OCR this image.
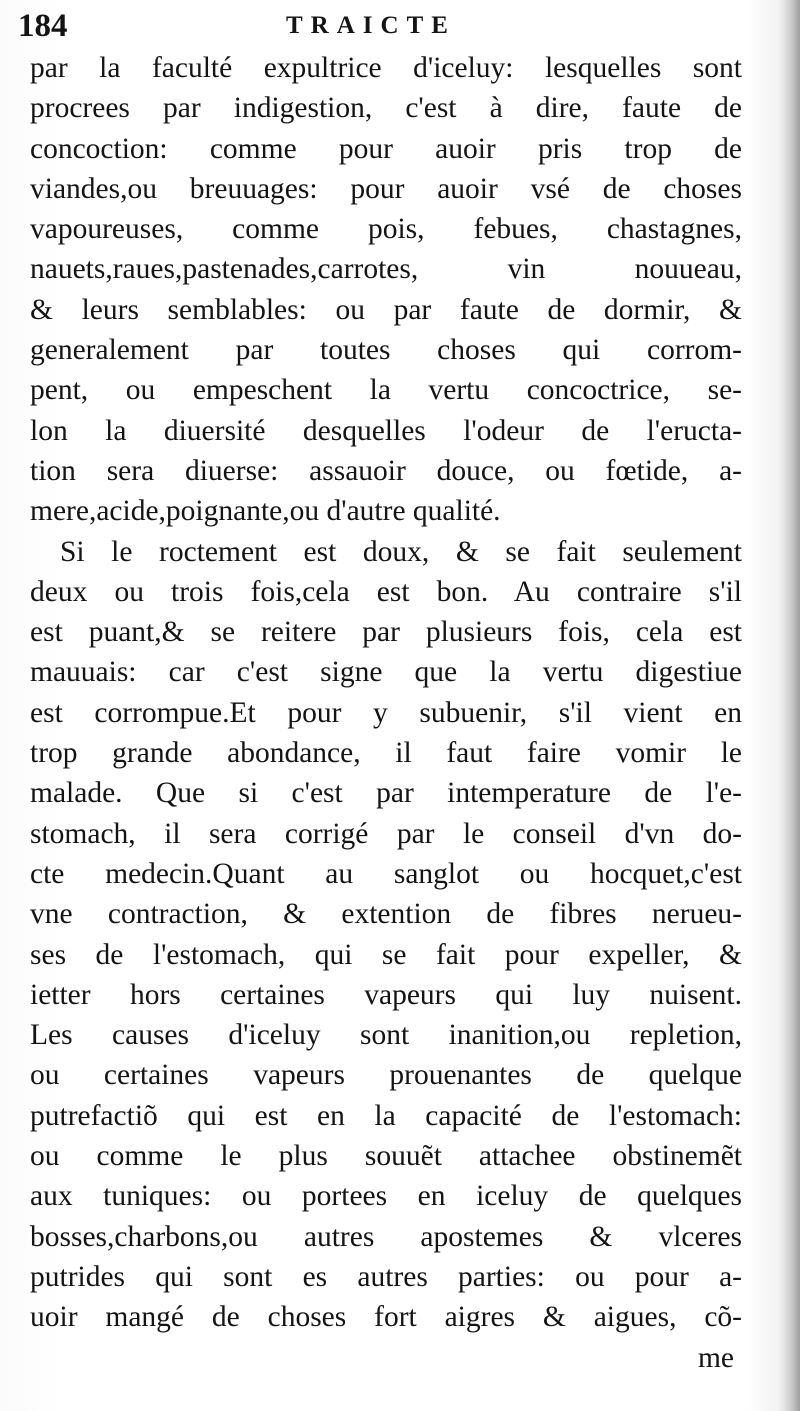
184	TRAICTE
par la faculté expultrice d'iceluy: lesquelles sont
procrees par indigestion, c'est à dire, faute de
concoction: comme pour auoir pris trop de
viandes,ou breuuages: pour auoir vsé de choses
vapoureuses, comme pois, febues, chastagnes,
nauets,raues,pastenades,carrotes, vin nouueau,
& leurs semblables: ou par faute de dormir, &
generalement par toutes choses qui corrom-
pent, ou empeschent la vertu concoctrice, se-
lon la diuersité desquelles l'odeur de l'eructa-
tion sera diuerse: assauoir douce, ou fœtide, a-
mere,acide,poignante,ou d'autre qualité.
Si le roctement est doux, & se fait seulement
deux ou trois fois,cela est bon. Au contraire s'il
est puant,& se reitere par plusieurs fois, cela est
mauuais: car c'est signe que la vertu digestiue
est corrompue.Et pour y subuenir, s'il vient en
trop grande abondance, il faut faire vomir le
malade. Que si c'est par intemperature de l'e-
stomach, il sera corrigé par le conseil d'vn do-
cte medecin.Quant au sanglot ou hocquet,c'est
vne contraction, & extention de fibres nerueu-
ses de l'estomach, qui se fait pour expeller, &
ietter hors certaines vapeurs qui luy nuisent.
Les causes d'iceluy sont inanition,ou repletion,
ou certaines vapeurs prouenantes de quelque
putrefactiõ qui est en la capacité de l'estomach:
ou comme le plus souuẽt attachee obstinemẽt
aux tuniques: ou portees en iceluy de quelques
bosses,charbons,ou autres apostemes & vlceres
putrides qui sont es autres parties: ou pour a-
uoir mangé de choses fort aigres & aigues, cõ-
me
